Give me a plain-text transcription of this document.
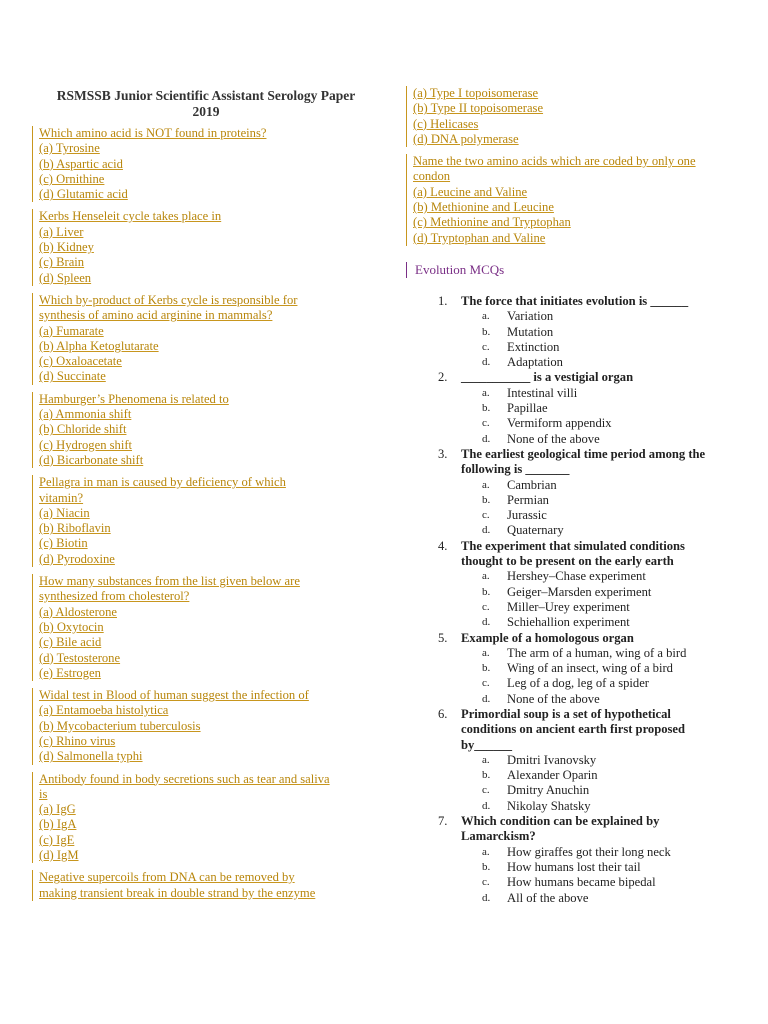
RSMSSB Junior Scientific Assistant Serology Paper
2019
Which amino acid is NOT found in proteins?
(a) Tyrosine
(b) Aspartic acid
(c) Ornithine
(d) Glutamic acid
Kerbs Henseleit cycle takes place in
(a) Liver
(b) Kidney
(c) Brain
(d) Spleen
Which by-product of Kerbs cycle is responsible for
synthesis of amino acid arginine in mammals?
(a) Fumarate
(b) Alpha Ketoglutarate
(c) Oxaloacetate
(d) Succinate
Hamburger’s Phenomena is related to
(a) Ammonia shift
(b) Chloride shift
(c) Hydrogen shift
(d) Bicarbonate shift
Pellagra in man is caused by deficiency of which
vitamin?
(a) Niacin
(b) Riboflavin
(c) Biotin
(d) Pyrodoxine
How many substances from the list given below are
synthesized from cholesterol?
(a) Aldosterone
(b) Oxytocin
(c) Bile acid
(d) Testosterone
(e) Estrogen
Widal test in Blood of human suggest the infection of
(a) Entamoeba histolytica
(b) Mycobacterium tuberculosis
(c) Rhino virus
(d) Salmonella typhi
Antibody found in body secretions such as tear and saliva
is
(a) IgG
(b) IgA
(c) IgE
(d) IgM
Negative supercoils from DNA can be removed by
making transient break in double strand by the enzyme
(a) Type I topoisomerase
(b) Type II topoisomerase
(c) Helicases
(d) DNA polymerase
Name the two amino acids which are coded by only one
condon
(a) Leucine and Valine
(b) Methionine and Leucine
(c) Methionine and Tryptophan
(d) Tryptophan and Valine
Evolution MCQs
1. The force that initiates evolution is ______
a. Variation
b. Mutation
c. Extinction
d. Adaptation
2. ___________ is a vestigial organ
a. Intestinal villi
b. Papillae
c. Vermiform appendix
d. None of the above
3. The earliest geological time period among the
following is _______
a. Cambrian
b. Permian
c. Jurassic
d. Quaternary
4. The experiment that simulated conditions
thought to be present on the early earth
a. Hershey–Chase experiment
b. Geiger–Marsden experiment
c. Miller–Urey experiment
d. Schiehallion experiment
5. Example of a homologous organ
a. The arm of a human, wing of a bird
b. Wing of an insect, wing of a bird
c. Leg of a dog, leg of a spider
d. None of the above
6. Primordial soup is a set of hypothetical
conditions on ancient earth first proposed
by______
a. Dmitri Ivanovsky
b. Alexander Oparin
c. Dmitry Anuchin
d. Nikolay Shatsky
7. Which condition can be explained by
Lamarckism?
a. How giraffes got their long neck
b. How humans lost their tail
c. How humans became bipedal
d. All of the above
